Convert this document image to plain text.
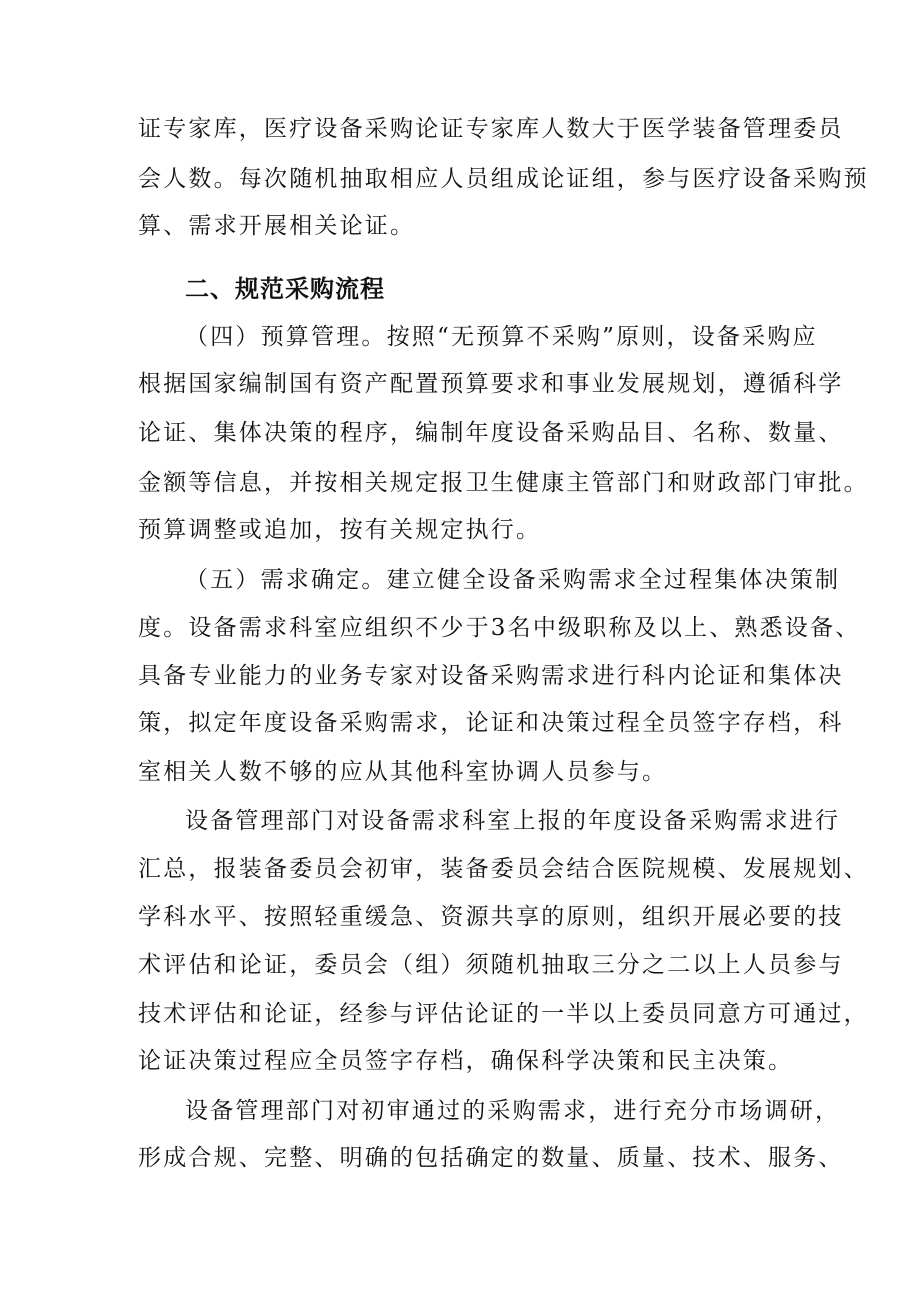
证专家库，医疗设备采购论证专家库人数大于医学装备管理委员
会人数。每次随机抽取相应人员组成论证组，参与医疗设备采购预
算、需求开展相关论证。
二、规范采购流程
（四）预算管理。按照“无预算不采购”原则，设备采购应
根据国家编制国有资产配置预算要求和事业发展规划，遵循科学
论证、集体决策的程序，编制年度设备采购品目、名称、数量、
金额等信息，并按相关规定报卫生健康主管部门和财政部门审批。
预算调整或追加，按有关规定执行。
（五）需求确定。建立健全设备采购需求全过程集体决策制
度。设备需求科室应组织不少于3名中级职称及以上、熟悉设备、
具备专业能力的业务专家对设备采购需求进行科内论证和集体决
策，拟定年度设备采购需求，论证和决策过程全员签字存档，科
室相关人数不够的应从其他科室协调人员参与。
设备管理部门对设备需求科室上报的年度设备采购需求进行
汇总，报装备委员会初审，装备委员会结合医院规模、发展规划、
学科水平、按照轻重缓急、资源共享的原则，组织开展必要的技
术评估和论证，委员会（组）须随机抽取三分之二以上人员参与
技术评估和论证，经参与评估论证的一半以上委员同意方可通过，
论证决策过程应全员签字存档，确保科学决策和民主决策。
设备管理部门对初审通过的采购需求，进行充分市场调研，
形成合规、完整、明确的包括确定的数量、质量、技术、服务、
